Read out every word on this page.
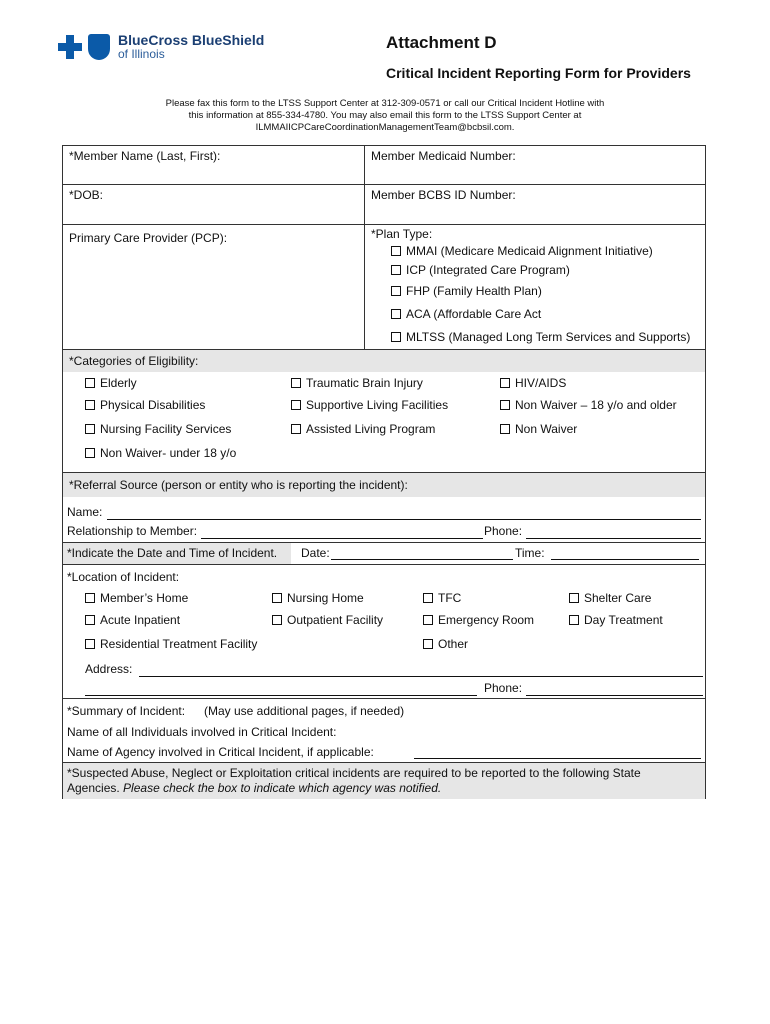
BlueCross BlueShield
of Illinois
Attachment D
Critical Incident Reporting Form for Providers
Please fax this form to the LTSS Support Center at 312-309-0571 or call our Critical Incident Hotline with this information at 855-334-4780. You may also email this form to the LTSS Support Center at ILMMAIICPCareCoordinationManagementTeam@bcbsil.com.
*Member Name (Last, First):	Member Medicaid Number:
*DOB:	Member BCBS ID Number:
Primary Care Provider (PCP):	*Plan Type:
MMAI (Medicare Medicaid Alignment Initiative)
ICP (Integrated Care Program)
FHP (Family Health Plan)
ACA (Affordable Care Act
MLTSS (Managed Long Term Services and Supports)
*Categories of Eligibility:
Elderly	Traumatic Brain Injury	HIV/AIDS
Physical Disabilities	Supportive Living Facilities	Non Waiver – 18 y/o and older
Nursing Facility Services	Assisted Living Program	Non Waiver
Non Waiver- under 18 y/o
*Referral Source (person or entity who is reporting the incident):
Name:
Relationship to Member:	Phone:
*Indicate the Date and Time of Incident. Date:	Time:
*Location of Incident:
Member’s Home	Nursing Home	TFC	Shelter Care
Acute Inpatient	Outpatient Facility	Emergency Room	Day Treatment
Residential Treatment Facility	Other
Address:
Phone:
*Summary of Incident: (May use additional pages, if needed)
Name of all Individuals involved in Critical Incident:
Name of Agency involved in Critical Incident, if applicable:
*Suspected Abuse, Neglect or Exploitation critical incidents are required to be reported to the following State
Agencies. Please check the box to indicate which agency was notified.
